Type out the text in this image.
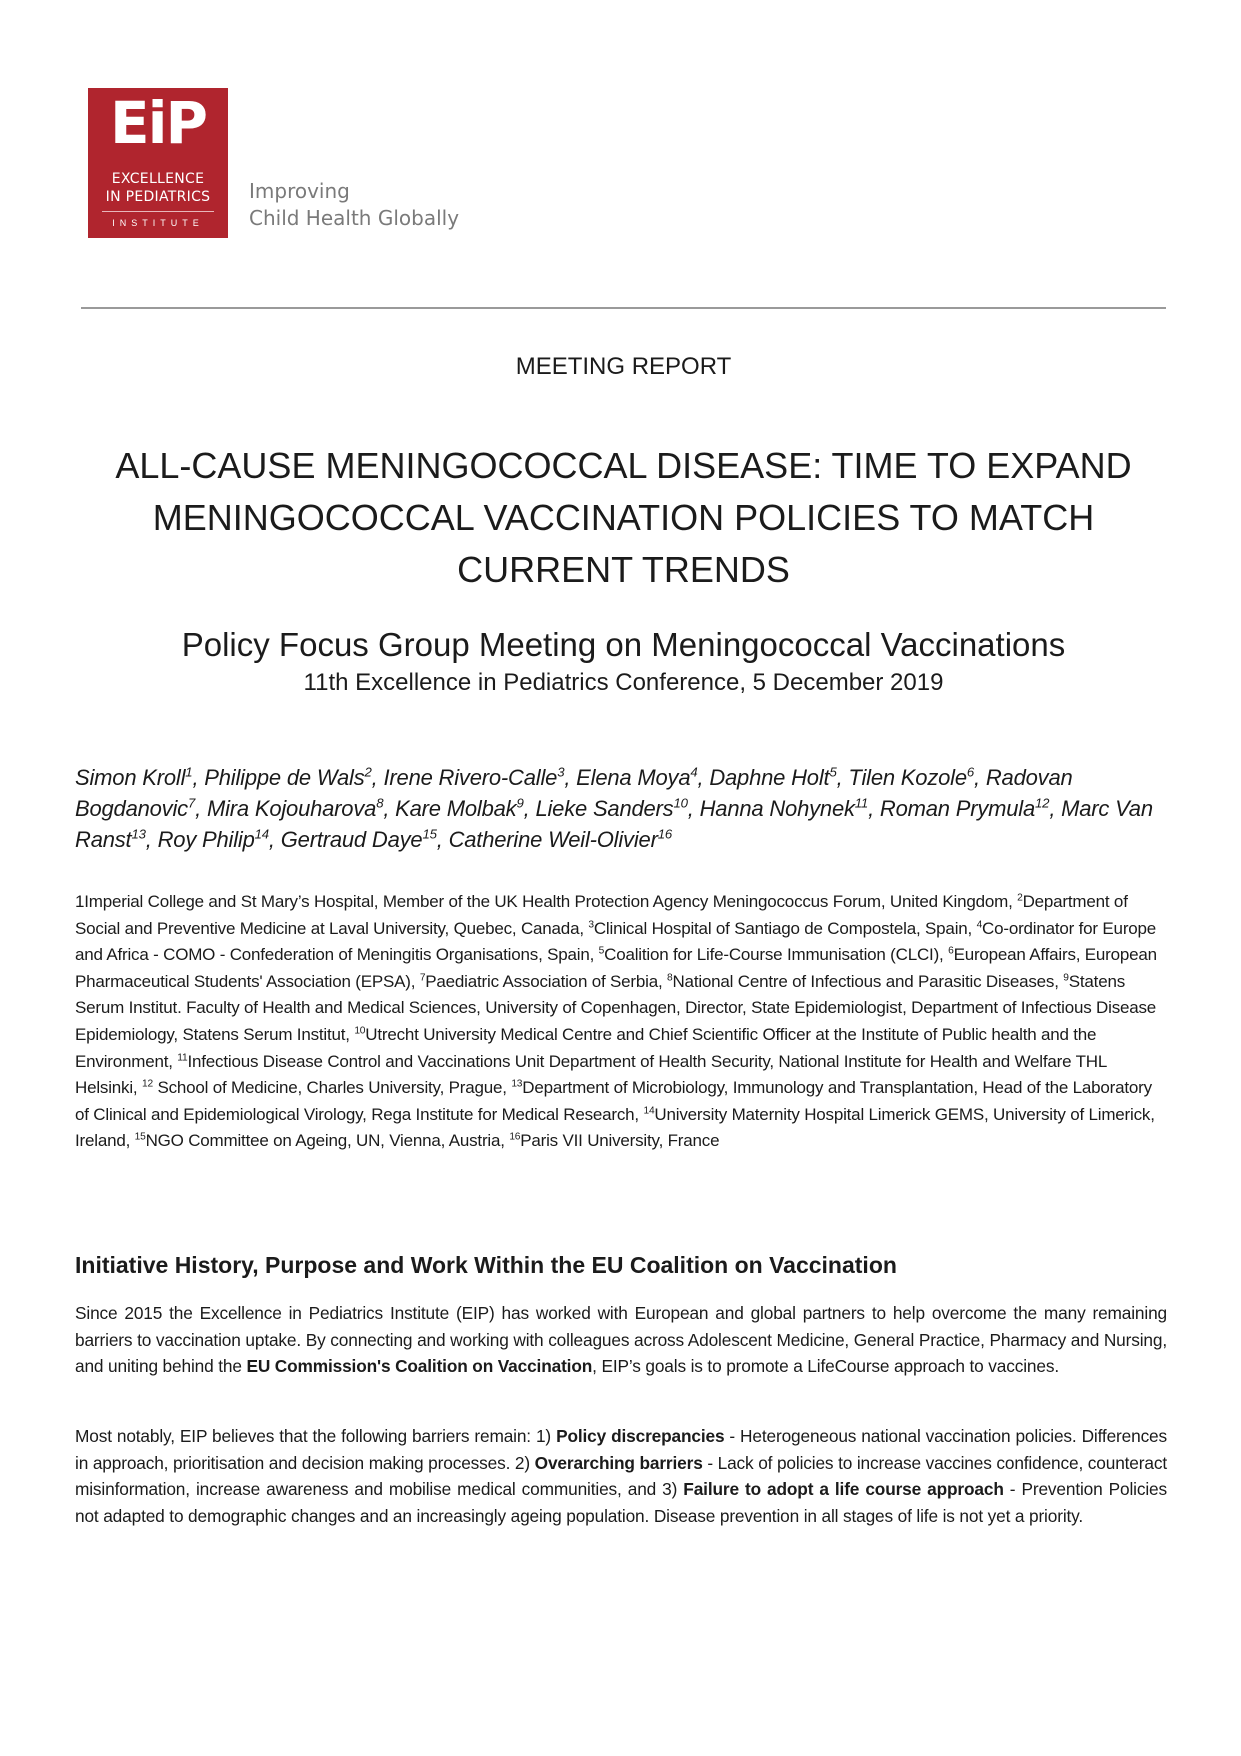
EiP
EXCELLENCE
IN PEDIATRICS
INSTITUTE
Improving
Child Health Globally
MEETING REPORT
ALL-CAUSE MENINGOCOCCAL DISEASE: TIME TO EXPAND MENINGOCOCCAL VACCINATION POLICIES TO MATCH CURRENT TRENDS
Policy Focus Group Meeting on Meningococcal Vaccinations
11th Excellence in Pediatrics Conference, 5 December 2019
Simon Kroll$^1$, Philippe de Wals$^2$, Irene Rivero-Calle$^3$, Elena Moya$^4$, Daphne Holt$^5$, Tilen Kozole$^6$, Radovan Bogdanovic$^7$, Mira Kojouharova$^8$, Kare Molbak$^9$, Lieke Sanders$^{10}$, Hanna Nohynek$^{11}$, Roman Prymula$^{12}$, Marc Van Ranst$^{13}$, Roy Philip$^{14}$, Gertraud Daye$^{15}$, Catherine Weil-Olivier$^{16}$
1Imperial College and St Mary’s Hospital, Member of the UK Health Protection Agency Meningococcus Forum, United Kingdom, $^2$Department of Social and Preventive Medicine at Laval University, Quebec, Canada, $^3$Clinical Hospital of Santiago de Compostela, Spain, $^4$Co-ordinator for Europe and Africa - COMO - Confederation of Meningitis Organisations, Spain, $^5$Coalition for Life-Course Immunisation (CLCI), $^6$European Affairs, European Pharmaceutical Students' Association (EPSA), $^7$Paediatric Association of Serbia, $^8$National Centre of Infectious and Parasitic Diseases, $^9$Statens Serum Institut. Faculty of Health and Medical Sciences, University of Copenhagen, Director, State Epidemiologist, Department of Infectious Disease Epidemiology, Statens Serum Institut, $^{10}$Utrecht University Medical Centre and Chief Scientific Officer at the Institute of Public health and the Environment, $^{11}$Infectious Disease Control and Vaccinations Unit Department of Health Security, National Institute for Health and Welfare THL Helsinki, $^{12}$ School of Medicine, Charles University, Prague, $^{13}$Department of Microbiology, Immunology and Transplantation, Head of the Laboratory of Clinical and Epidemiological Virology, Rega Institute for Medical Research, $^{14}$University Maternity Hospital Limerick GEMS, University of Limerick, Ireland, $^{15}$NGO Committee on Ageing, UN, Vienna, Austria, $^{16}$Paris VII University, France
Initiative History, Purpose and Work Within the EU Coalition on Vaccination
Since 2015 the Excellence in Pediatrics Institute (EIP) has worked with European and global partners to help overcome the many remaining barriers to vaccination uptake. By connecting and working with colleagues across Adolescent Medicine, General Practice, Pharmacy and Nursing, and uniting behind the EU Commission's Coalition on Vaccination, EIP’s goals is to promote a LifeCourse approach to vaccines.
Most notably, EIP believes that the following barriers remain: 1) Policy discrepancies - Heterogeneous national vaccination policies. Differences in approach, prioritisation and decision making processes. 2) Overarching barriers - Lack of policies to increase vaccines confidence, counteract misinformation, increase awareness and mobilise medical communities, and 3) Failure to adopt a life course approach - Prevention Policies not adapted to demographic changes and an increasingly ageing population. Disease prevention in all stages of life is not yet a priority.
